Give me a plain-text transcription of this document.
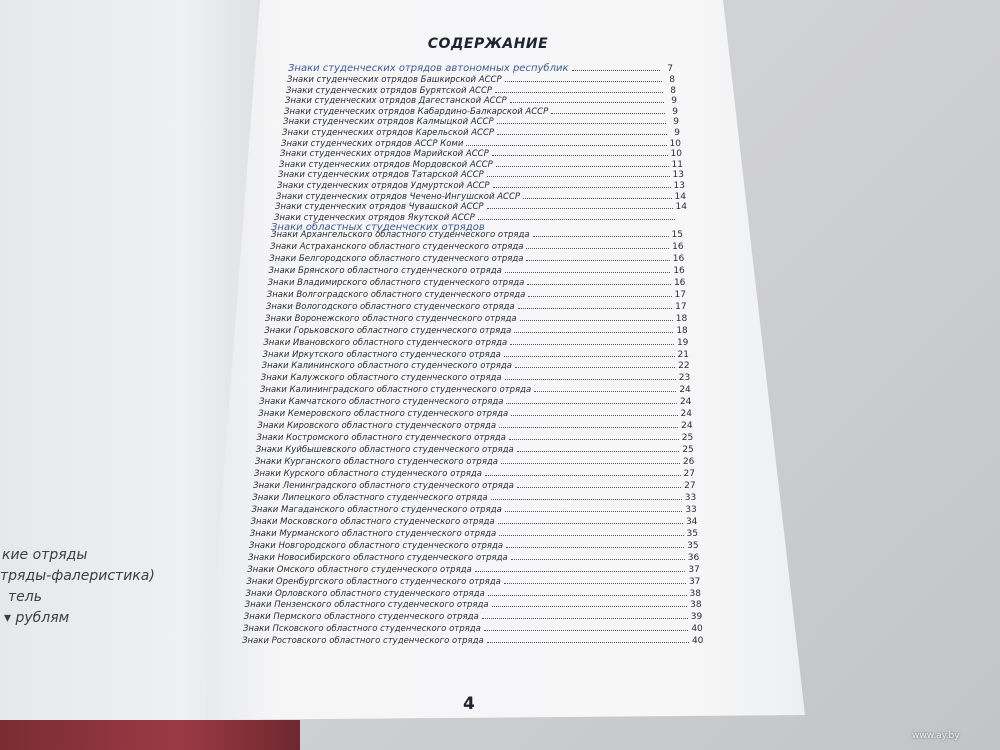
кие отряды
тряды-фалеристика)
тель
▾ рублям
СОДЕРЖАНИЕ
Знаки студенческих отрядов автономных республик	7
Знаки студенческих отрядов Башкирской АССР	8
Знаки студенческих отрядов Бурятской АССР	8
Знаки студенческих отрядов Дагестанской АССР	9
Знаки студенческих отрядов Кабардино-Балкарской АССР	9
Знаки студенческих отрядов Калмыцкой АССР	9
Знаки студенческих отрядов Карельской АССР	9
Знаки студенческих отрядов АССР Коми	10
Знаки студенческих отрядов Марийской АССР	10
Знаки студенческих отрядов Мордовской АССР	11
Знаки студенческих отрядов Татарской АССР	13
Знаки студенческих отрядов Удмуртской АССР	13
Знаки студенческих отрядов Чечено-Ингушской АССР	14
Знаки студенческих отрядов Чувашской АССР	14
Знаки студенческих отрядов Якутской АССР
Знаки областных студенческих отрядов
Знаки Архангельского областного студенческого отряда	15
Знаки Астраханского областного студенческого отряда	16
Знаки Белгородского областного студенческого отряда	16
Знаки Брянского областного студенческого отряда	16
Знаки Владимирского областного студенческого отряда	16
Знаки Волгоградского областного студенческого отряда	17
Знаки Вологодского областного студенческого отряда	17
Знаки Воронежского областного студенческого отряда	18
Знаки Горьковского областного студенческого отряда	18
Знаки Ивановского областного студенческого отряда	19
Знаки Иркутского областного студенческого отряда	21
Знаки Калининского областного студенческого отряда	22
Знаки Калужского областного студенческого отряда	23
Знаки Калининградского областного студенческого отряда	24
Знаки Камчатского областного студенческого отряда	24
Знаки Кемеровского областного студенческого отряда	24
Знаки Кировского областного студенческого отряда	24
Знаки Костромского областного студенческого отряда	25
Знаки Куйбышевского областного студенческого отряда	25
Знаки Курганского областного студенческого отряда	26
Знаки Курского областного студенческого отряда	27
Знаки Ленинградского областного студенческого отряда	27
Знаки Липецкого областного студенческого отряда	33
Знаки Магаданского областного студенческого отряда	33
Знаки Московского областного студенческого отряда	34
Знаки Мурманского областного студенческого отряда	35
Знаки Новгородского областного студенческого отряда	35
Знаки Новосибирского областного студенческого отряда	36
Знаки Омского областного студенческого отряда	37
Знаки Оренбургского областного студенческого отряда	37
Знаки Орловского областного студенческого отряда	38
Знаки Пензенского областного студенческого отряда	38
Знаки Пермского областного студенческого отряда	39
Знаки Псковского областного студенческого отряда	40
Знаки Ростовского областного студенческого отряда	40
4
www.ay.by
